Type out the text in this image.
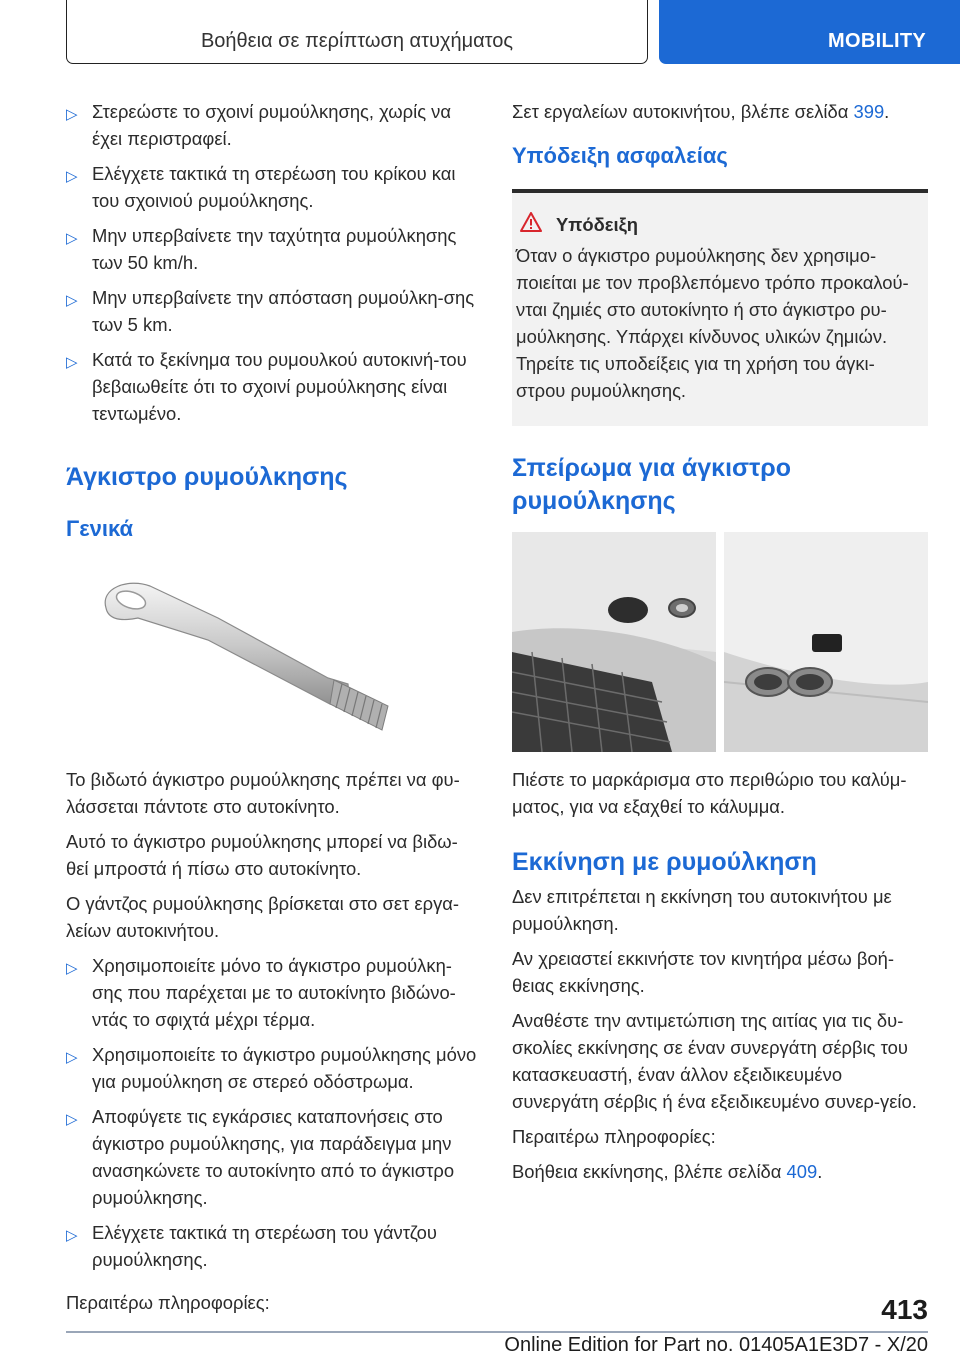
Βοήθεια σε περίπτωση ατυχήματος	MOBILITY
▷ Στερεώστε το σχοινί ρυμούλκησης, χωρίς να έχει περιστραφεί.
▷ Ελέγχετε τακτικά τη στερέωση του κρίκου και του σχοινιού ρυμούλκησης.
▷ Μην υπερβαίνετε την ταχύτητα ρυμούλκησης των 50 km/h.
▷ Μην υπερβαίνετε την απόσταση ρυμούλκη-σης των 5 km.
▷ Κατά το ξεκίνημα του ρυμουλκού αυτοκινή-του βεβαιωθείτε ότι το σχοινί ρυμούλκησης είναι τεντωμένο.
Άγκιστρο ρυμούλκησης
Γενικά

Το βιδωτό άγκιστρο ρυμούλκησης πρέπει να φυ-λάσσεται πάντοτε στο αυτοκίνητο.

Αυτό το άγκιστρο ρυμούλκησης μπορεί να βιδω-θεί μπροστά ή πίσω στο αυτοκίνητο.

Ο γάντζος ρυμούλκησης βρίσκεται στο σετ εργα-λείων αυτοκινήτου.

▷ Χρησιμοποιείτε μόνο το άγκιστρο ρυμούλκη-σης που παρέχεται με το αυτοκίνητο βιδώνο-ντάς το σφιχτά μέχρι τέρμα.
▷ Χρησιμοποιείτε το άγκιστρο ρυμούλκησης μόνο για ρυμούλκηση σε στερεό οδόστρωμα.
▷ Αποφύγετε τις εγκάρσιες καταπονήσεις στο άγκιστρο ρυμούλκησης, για παράδειγμα μην ανασηκώνετε το αυτοκίνητο από το άγκιστρο ρυμούλκησης.
▷ Ελέγχετε τακτικά τη στερέωση του γάντζου ρυμούλκησης.

Περαιτέρω πληροφορίες:

Σετ εργαλείων αυτοκινήτου, βλέπε σελίδα 399.

Υπόδειξη ασφαλείας

Υπόδειξη

Όταν ο άγκιστρο ρυμούλκησης δεν χρησιμο-ποιείται με τον προβλεπόμενο τρόπο προκαλού-νται ζημιές στο αυτοκίνητο ή στο άγκιστρο ρυ-μούλκησης. Υπάρχει κίνδυνος υλικών ζημιών. Τηρείτε τις υποδείξεις για τη χρήση του άγκι-στρου ρυμούλκησης.

Σπείρωμα για άγκιστρο ρυμούλκησης

Πιέστε το μαρκάρισμα στο περιθώριο του καλύμ-ματος, για να εξαχθεί το κάλυμμα.

Εκκίνηση με ρυμούλκηση

Δεν επιτρέπεται η εκκίνηση του αυτοκινήτου με ρυμούλκηση.

Αν χρειαστεί εκκινήστε τον κινητήρα μέσω βοή-θειας εκκίνησης.

Αναθέστε την αντιμετώπιση της αιτίας για τις δυ-σκολίες εκκίνησης σε έναν συνεργάτη σέρβις του κατασκευαστή, έναν άλλον εξειδικευμένο συνεργάτη σέρβις ή ένα εξειδικευμένο συνερ-γείο.

Περαιτέρω πληροφορίες:

Βοήθεια εκκίνησης, βλέπε σελίδα 409.

413
Online Edition for Part no. 01405A1E3D7 - X/20
